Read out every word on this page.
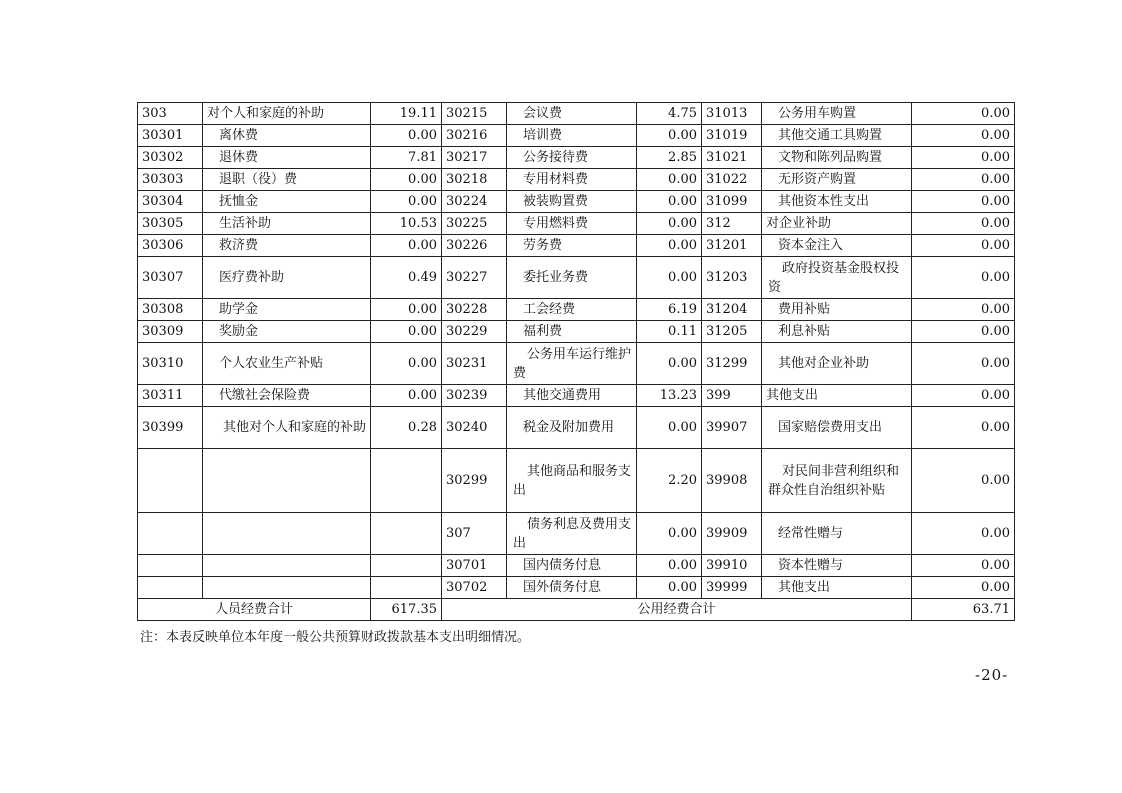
303	对个人和家庭的补助	19.11	30215	会议费	4.75	31013	公务用车购置	0.00
30301	离休费	0.00	30216	培训费	0.00	31019	其他交通工具购置	0.00
30302	退休费	7.81	30217	公务接待费	2.85	31021	文物和陈列品购置	0.00
30303	退职（役）费	0.00	30218	专用材料费	0.00	31022	无形资产购置	0.00
30304	抚恤金	0.00	30224	被装购置费	0.00	31099	其他资本性支出	0.00
30305	生活补助	10.53	30225	专用燃料费	0.00	312	对企业补助	0.00
30306	救济费	0.00	30226	劳务费	0.00	31201	资本金注入	0.00
30307	医疗费补助	0.49	30227	委托业务费	0.00	31203	政府投资基金股权投资	0.00
30308	助学金	0.00	30228	工会经费	6.19	31204	费用补贴	0.00
30309	奖励金	0.00	30229	福利费	0.11	31205	利息补贴	0.00
30310	个人农业生产补贴	0.00	30231	公务用车运行维护费	0.00	31299	其他对企业补助	0.00
30311	代缴社会保险费	0.00	30239	其他交通费用	13.23	399	其他支出	0.00
30399	其他对个人和家庭的补助	0.28	30240	税金及附加费用	0.00	39907	国家赔偿费用支出	0.00
			30299	其他商品和服务支出	2.20	39908	对民间非营利组织和群众性自治组织补贴	0.00
			307	债务利息及费用支出	0.00	39909	经常性赠与	0.00
			30701	国内债务付息	0.00	39910	资本性赠与	0.00
			30702	国外债务付息	0.00	39999	其他支出	0.00
人员经费合计		617.35	公用经费合计					63.71
注：本表反映单位本年度一般公共预算财政拨款基本支出明细情况。
-20-
